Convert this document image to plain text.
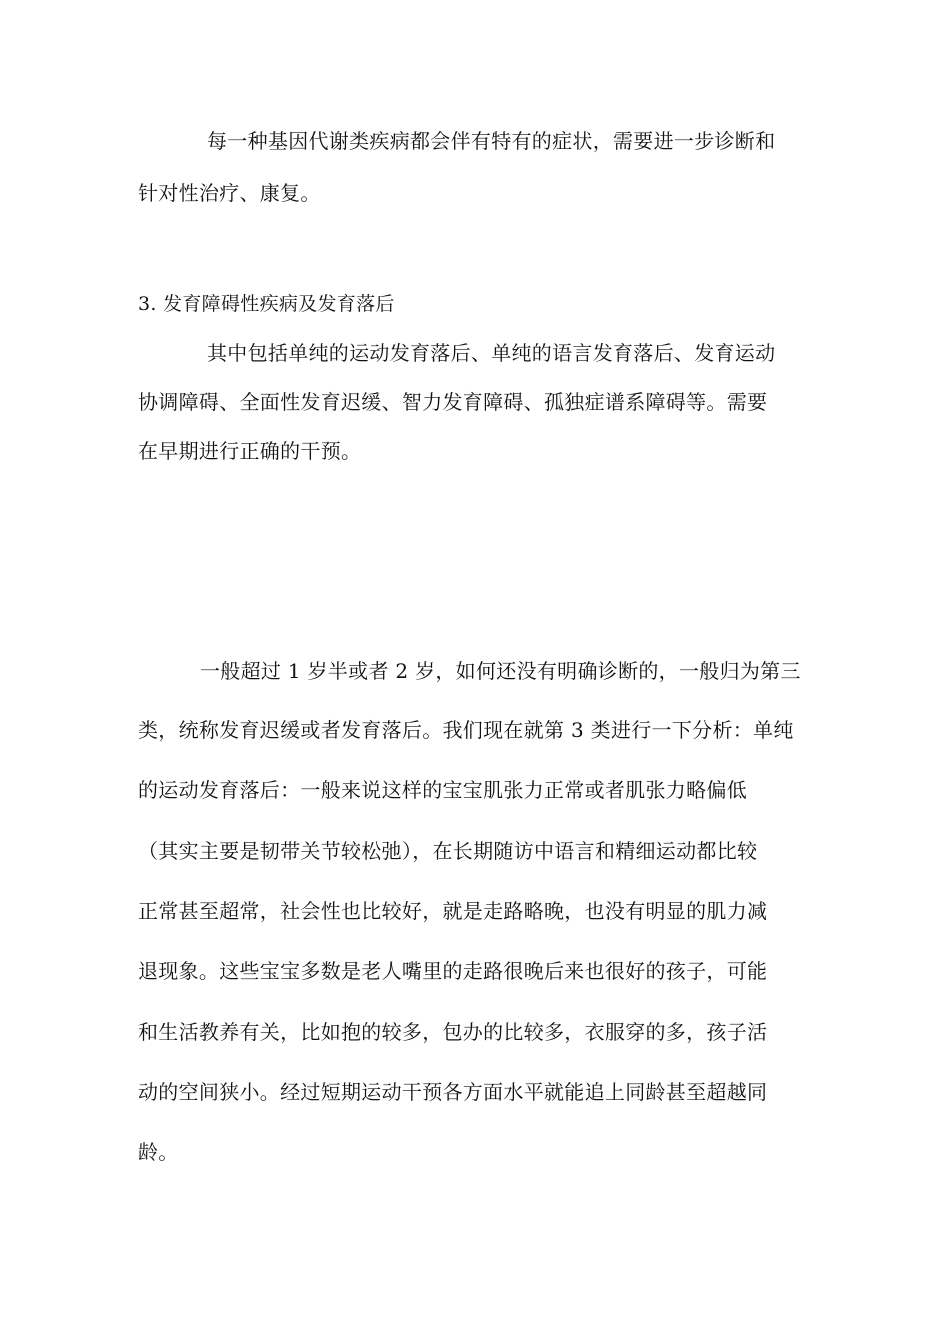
每一种基因代谢类疾病都会伴有特有的症状，需要进一步诊断和

针对性治疗、康复。

3. 发育障碍性疾病及发育落后

其中包括单纯的运动发育落后、单纯的语言发育落后、发育运动

协调障碍、全面性发育迟缓、智力发育障碍、孤独症谱系障碍等。需要

在早期进行正确的干预。

一般超过 1 岁半或者 2 岁，如何还没有明确诊断的，一般归为第三

类，统称发育迟缓或者发育落后。我们现在就第 3 类进行一下分析：单纯

的运动发育落后：一般来说这样的宝宝肌张力正常或者肌张力略偏低

（其实主要是韧带关节较松弛），在长期随访中语言和精细运动都比较

正常甚至超常，社会性也比较好，就是走路略晚，也没有明显的肌力减

退现象。这些宝宝多数是老人嘴里的走路很晚后来也很好的孩子，可能

和生活教养有关，比如抱的较多，包办的比较多，衣服穿的多，孩子活

动的空间狭小。经过短期运动干预各方面水平就能追上同龄甚至超越同

龄。
